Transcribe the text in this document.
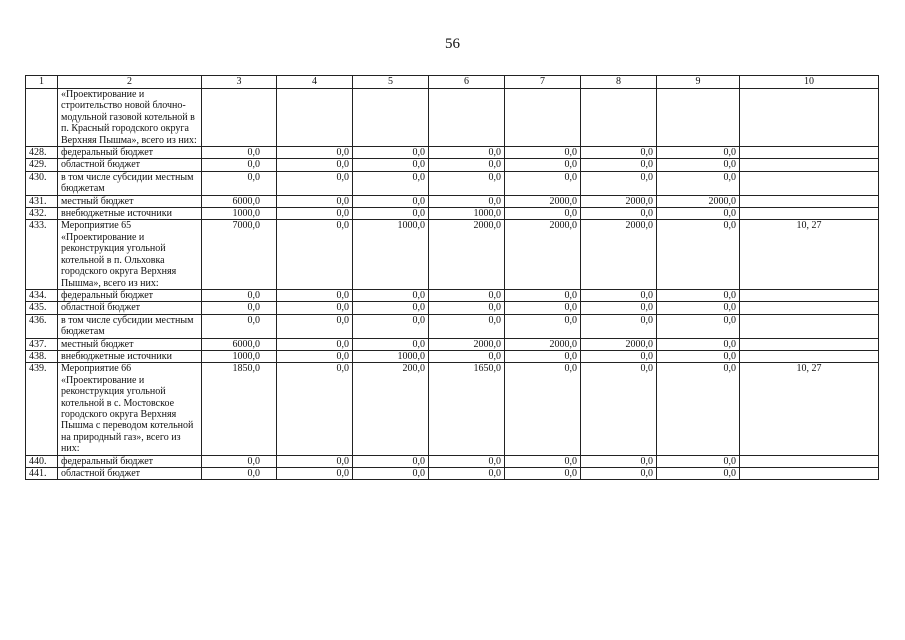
56
1	2	3	4	5	6	7	8	9	10
	«Проектирование и строительство новой блочно-модульной газовой котельной в п. Красный городского округа Верхняя Пышма», всего из них:								
428.	федеральный бюджет	0,0	0,0	0,0	0,0	0,0	0,0	0,0	
429.	областной бюджет	0,0	0,0	0,0	0,0	0,0	0,0	0,0	
430.	в том числе субсидии местным бюджетам	0,0	0,0	0,0	0,0	0,0	0,0	0,0	
431.	местный бюджет	6000,0	0,0	0,0	0,0	2000,0	2000,0	2000,0	
432.	внебюджетные источники	1000,0	0,0	0,0	1000,0	0,0	0,0	0,0	
433.	Мероприятие 65 «Проектирование и реконструкция угольной котельной в п. Ольховка городского округа Верхняя Пышма», всего из них:	7000,0	0,0	1000,0	2000,0	2000,0	2000,0	0,0	10, 27
434.	федеральный бюджет	0,0	0,0	0,0	0,0	0,0	0,0	0,0	
435.	областной бюджет	0,0	0,0	0,0	0,0	0,0	0,0	0,0	
436.	в том числе субсидии местным бюджетам	0,0	0,0	0,0	0,0	0,0	0,0	0,0	
437.	местный бюджет	6000,0	0,0	0,0	2000,0	2000,0	2000,0	0,0	
438.	внебюджетные источники	1000,0	0,0	1000,0	0,0	0,0	0,0	0,0	
439.	Мероприятие 66 «Проектирование и реконструкция угольной котельной в с. Мостовское городского округа Верхняя Пышма с переводом котельной на природный газ», всего из них:	1850,0	0,0	200,0	1650,0	0,0	0,0	0,0	10, 27
440.	федеральный бюджет	0,0	0,0	0,0	0,0	0,0	0,0	0,0	
441.	областной бюджет	0,0	0,0	0,0	0,0	0,0	0,0	0,0	
